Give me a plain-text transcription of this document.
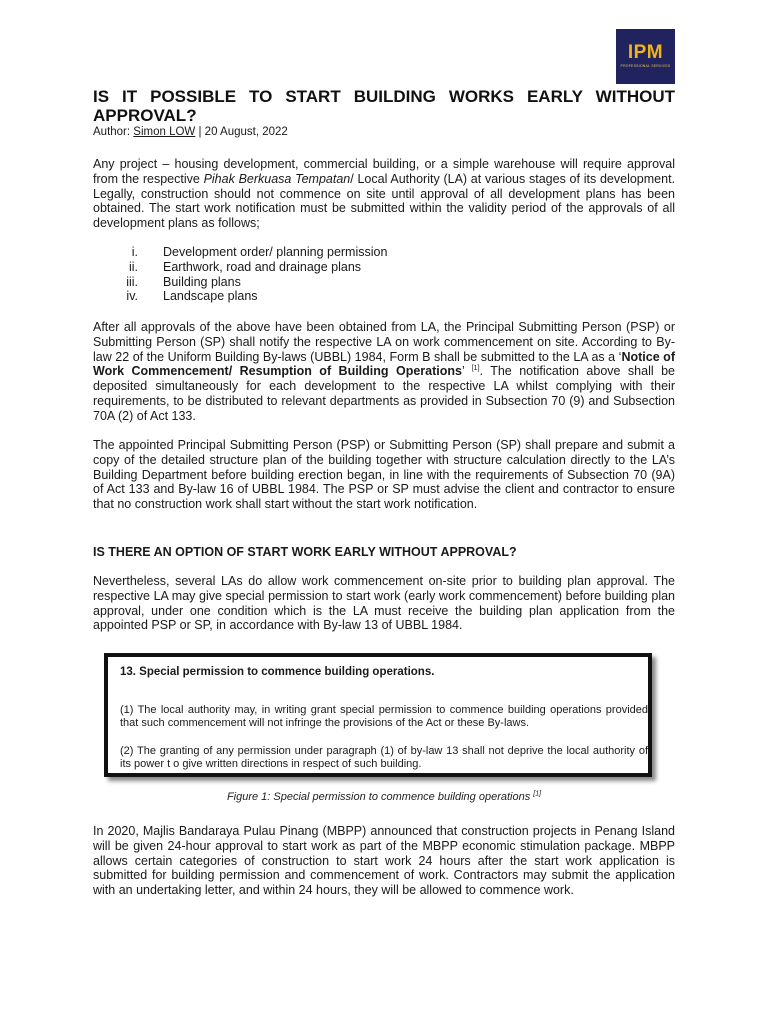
IPM
PROFESSIONAL SERVICES
IS IT POSSIBLE TO START BUILDING WORKS EARLY WITHOUT APPROVAL?
Author: Simon LOW | 20 August, 2022

Any project – housing development, commercial building, or a simple warehouse will require approval from the respective Pihak Berkuasa Tempatan/ Local Authority (LA) at various stages of its development. Legally, construction should not commence on site until approval of all development plans has been obtained. The start work notification must be submitted within the validity period of the approvals of all development plans as follows;

i. Development order/ planning permission
ii. Earthwork, road and drainage plans
iii. Building plans
iv. Landscape plans

After all approvals of the above have been obtained from LA, the Principal Submitting Person (PSP) or Submitting Person (SP) shall notify the respective LA on work commencement on site. According to By-law 22 of the Uniform Building By-laws (UBBL) 1984, Form B shall be submitted to the LA as a ‘Notice of Work Commencement/ Resumption of Building Operations’ [1]. The notification above shall be deposited simultaneously for each development to the respective LA whilst complying with their requirements, to be distributed to relevant departments as provided in Subsection 70 (9) and Subsection 70A (2) of Act 133.

The appointed Principal Submitting Person (PSP) or Submitting Person (SP) shall prepare and submit a copy of the detailed structure plan of the building together with structure calculation directly to the LA’s Building Department before building erection began, in line with the requirements of Subsection 70 (9A) of Act 133 and By-law 16 of UBBL 1984. The PSP or SP must advise the client and contractor to ensure that no construction work shall start without the start work notification.

IS THERE AN OPTION OF START WORK EARLY WITHOUT APPROVAL?

Nevertheless, several LAs do allow work commencement on-site prior to building plan approval. The respective LA may give special permission to start work (early work commencement) before building plan approval, under one condition which is the LA must receive the building plan application from the appointed PSP or SP, in accordance with By-law 13 of UBBL 1984.

13. Special permission to commence building operations.

(1) The local authority may, in writing grant special permission to commence building operations provided that such commencement will not infringe the provisions of the Act or these By-laws.

(2) The granting of any permission under paragraph (1) of by-law 13 shall not deprive the local authority of its power t o give written directions in respect of such building.

Figure 1: Special permission to commence building operations [1]

In 2020, Majlis Bandaraya Pulau Pinang (MBPP) announced that construction projects in Penang Island will be given 24-hour approval to start work as part of the MBPP economic stimulation package. MBPP allows certain categories of construction to start work 24 hours after the start work application is submitted for building permission and commencement of work. Contractors may submit the application with an undertaking letter, and within 24 hours, they will be allowed to commence work.
